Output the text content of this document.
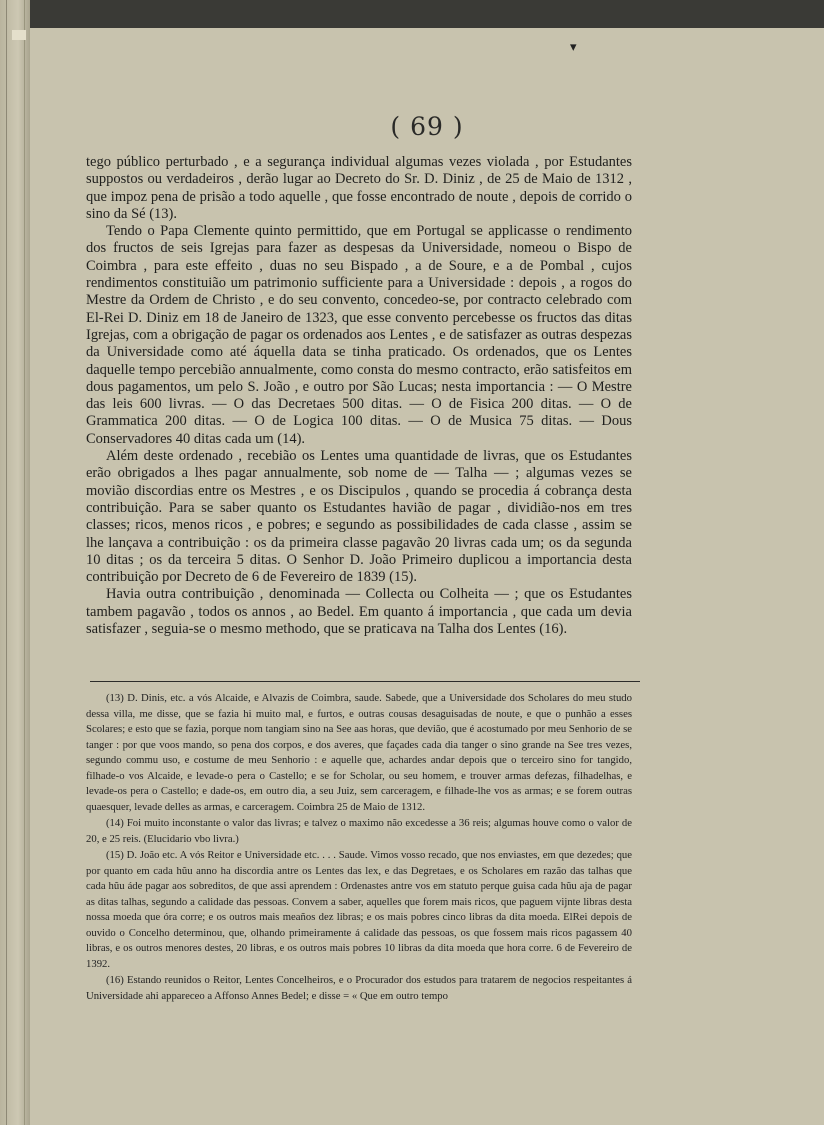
▾
( 69 )

tego público perturbado , e a segurança individual algumas vezes violada , por Estudantes suppostos ou verdadeiros , derão lugar ao Decreto do Sr. D. Diniz , de 25 de Maio de 1312 , que impoz pena de prisão a todo aquelle , que fosse encontrado de noute , depois de corrido o sino da Sé (13).

Tendo o Papa Clemente quinto permittido, que em Portugal se applicasse o rendimento dos fructos de seis Igrejas para fazer as despesas da Universidade, nomeou o Bispo de Coimbra , para este effeito , duas no seu Bispado , a de Soure, e a de Pombal , cujos rendimentos constituião um patrimonio sufficiente para a Universidade : depois , a rogos do Mestre da Ordem de Christo , e do seu convento, concedeo-se, por contracto celebrado com El-Rei D. Diniz em 18 de Janeiro de 1323, que esse convento percebesse os fructos das ditas Igrejas, com a obrigação de pagar os ordenados aos Lentes , e de satisfazer as outras despezas da Universidade como até áquella data se tinha praticado. Os ordenados, que os Lentes daquelle tempo percebião annualmente, como consta do mesmo contracto, erão satisfeitos em dous pagamentos, um pelo S. João , e outro por São Lucas; nesta importancia : — O Mestre das leis 600 livras. — O das Decretaes 500 ditas. — O de Fisica 200 ditas. — O de Grammatica 200 ditas. — O de Logica 100 ditas. — O de Musica 75 ditas. — Dous Conservadores 40 ditas cada um (14).

Além deste ordenado , recebião os Lentes uma quantidade de livras, que os Estudantes erão obrigados a lhes pagar annualmente, sob nome de — Talha — ; algumas vezes se movião discordias entre os Mestres , e os Discipulos , quando se procedia á cobrança desta contribuição. Para se saber quanto os Estudantes havião de pagar , dividião-nos em tres classes; ricos, menos ricos , e pobres; e segundo as possibilidades de cada classe , assim se lhe lançava a contribuição : os da primeira classe pagavão 20 livras cada um; os da segunda 10 ditas ; os da terceira 5 ditas. O Senhor D. João Primeiro duplicou a importancia desta contribuição por Decreto de 6 de Fevereiro de 1839 (15).

Havia outra contribuição , denominada — Collecta ou Colheita — ; que os Estudantes tambem pagavão , todos os annos , ao Bedel. Em quanto á importancia , que cada um devia satisfazer , seguia-se o mesmo methodo, que se praticava na Talha dos Lentes (16).

(13) D. Dinis, etc. a vós Alcaide, e Alvazis de Coimbra, saude. Sabede, que a Universidade dos Scholares do meu studo dessa villa, me disse, que se fazia hi muito mal, e furtos, e outras cousas desaguisadas de noute, e que o punhão a esses Scolares; e esto que se fazia, porque nom tangiam sino na See aas horas, que devião, que é acostumado por meu Senhorio de se tanger : por que voos mando, so pena dos corpos, e dos averes, que façades cada dia tanger o sino grande na See tres vezes, segundo commu uso, e costume de meu Senhorio : e aquelle que, achardes andar depois que o terceiro sino for tangido, filhade-o vos Alcaide, e levade-o pera o Castello; e se for Scholar, ou seu homem, e trouver armas defezas, filhadelhas, e levade-os pera o Castello; e dade-os, em outro dia, a seu Juiz, sem carceragem, e filhade-lhe vos as armas; e se forem outras quaesquer, levade delles as armas, e carceragem. Coimbra 25 de Maio de 1312.

(14) Foi muito inconstante o valor das livras; e talvez o maximo não excedesse a 36 reis; algumas houve como o valor de 20, e 25 reis. (Elucidario vbo livra.)

(15) D. João etc. A vós Reitor e Universidade etc. . . . Saude. Vimos vosso recado, que nos enviastes, em que dezedes; que por quanto em cada hũu anno ha discordia antre os Lentes das lex, e das Degretaes, e os Scholares em razão das talhas que cada hũu áde pagar aos sobreditos, de que assi aprendem : Ordenastes antre vos em statuto perque guisa cada hũu aja de pagar as ditas talhas, segundo a calidade das pessoas. Convem a saber, aquelles que forem mais ricos, que paguem vijnte libras desta nossa moeda que óra corre; e os outros mais meaños dez libras; e os mais pobres cinco libras da dita moeda. ElRei depois de ouvido o Concelho determinou, que, olhando primeiramente á calidade das pessoas, os que fossem mais ricos pagassem 40 libras, e os outros menores destes, 20 libras, e os outros mais pobres 10 libras da dita moeda que hora corre. 6 de Fevereiro de 1392.

(16) Estando reunidos o Reitor, Lentes Concelheiros, e o Procurador dos estudos para tratarem de negocios respeitantes á Universidade ahi appareceo a Affonso Annes Bedel; e disse = « Que em outro tempo
